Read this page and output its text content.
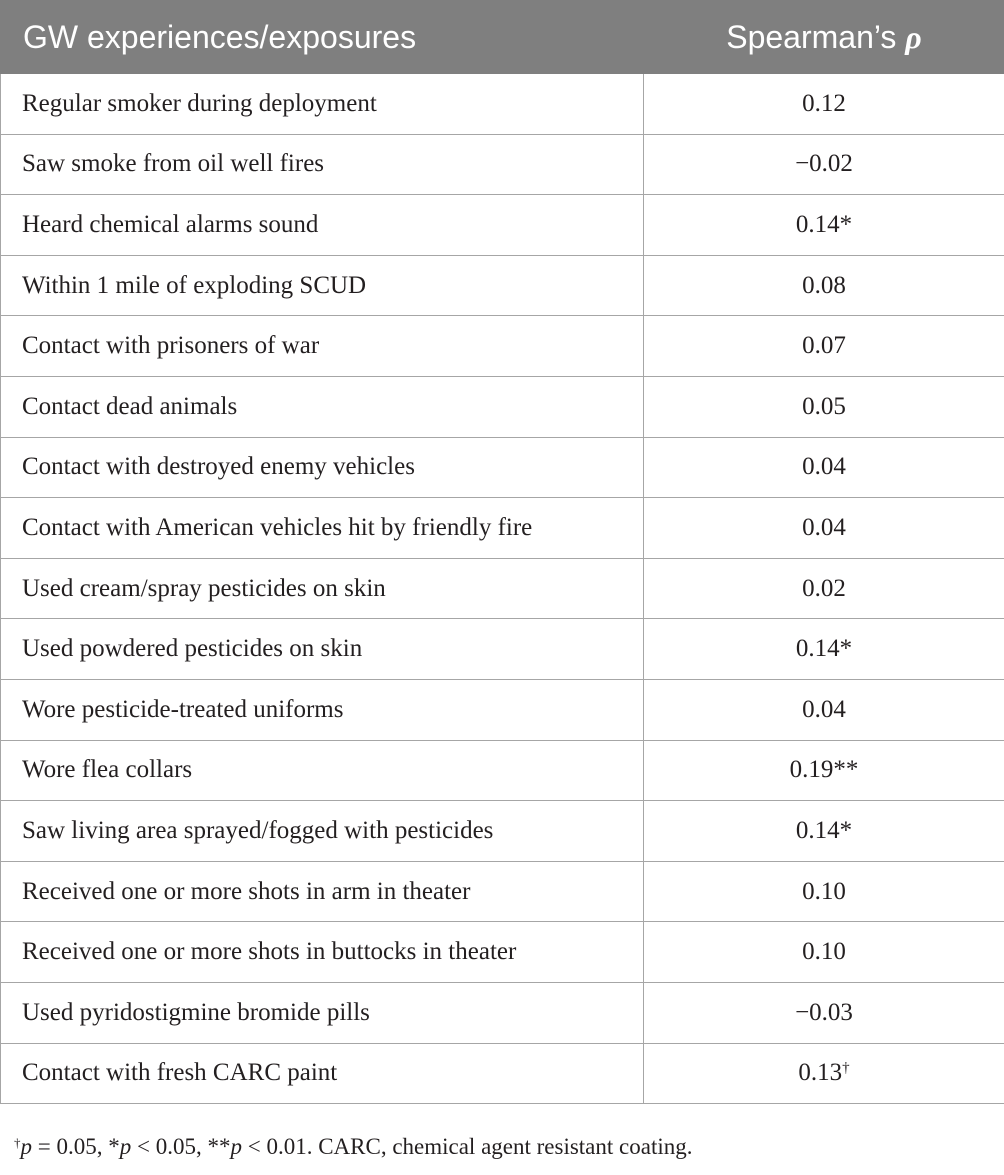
GW experiences/exposures	Spearman’s ρ
Regular smoker during deployment	0.12
Saw smoke from oil well fires	−0.02
Heard chemical alarms sound	0.14*
Within 1 mile of exploding SCUD	0.08
Contact with prisoners of war	0.07
Contact dead animals	0.05
Contact with destroyed enemy vehicles	0.04
Contact with American vehicles hit by friendly fire	0.04
Used cream/spray pesticides on skin	0.02
Used powdered pesticides on skin	0.14*
Wore pesticide-treated uniforms	0.04
Wore flea collars	0.19**
Saw living area sprayed/fogged with pesticides	0.14*
Received one or more shots in arm in theater	0.10
Received one or more shots in buttocks in theater	0.10
Used pyridostigmine bromide pills	−0.03
Contact with fresh CARC paint	0.13†
†p = 0.05, *p < 0.05, **p < 0.01. CARC, chemical agent resistant coating.
